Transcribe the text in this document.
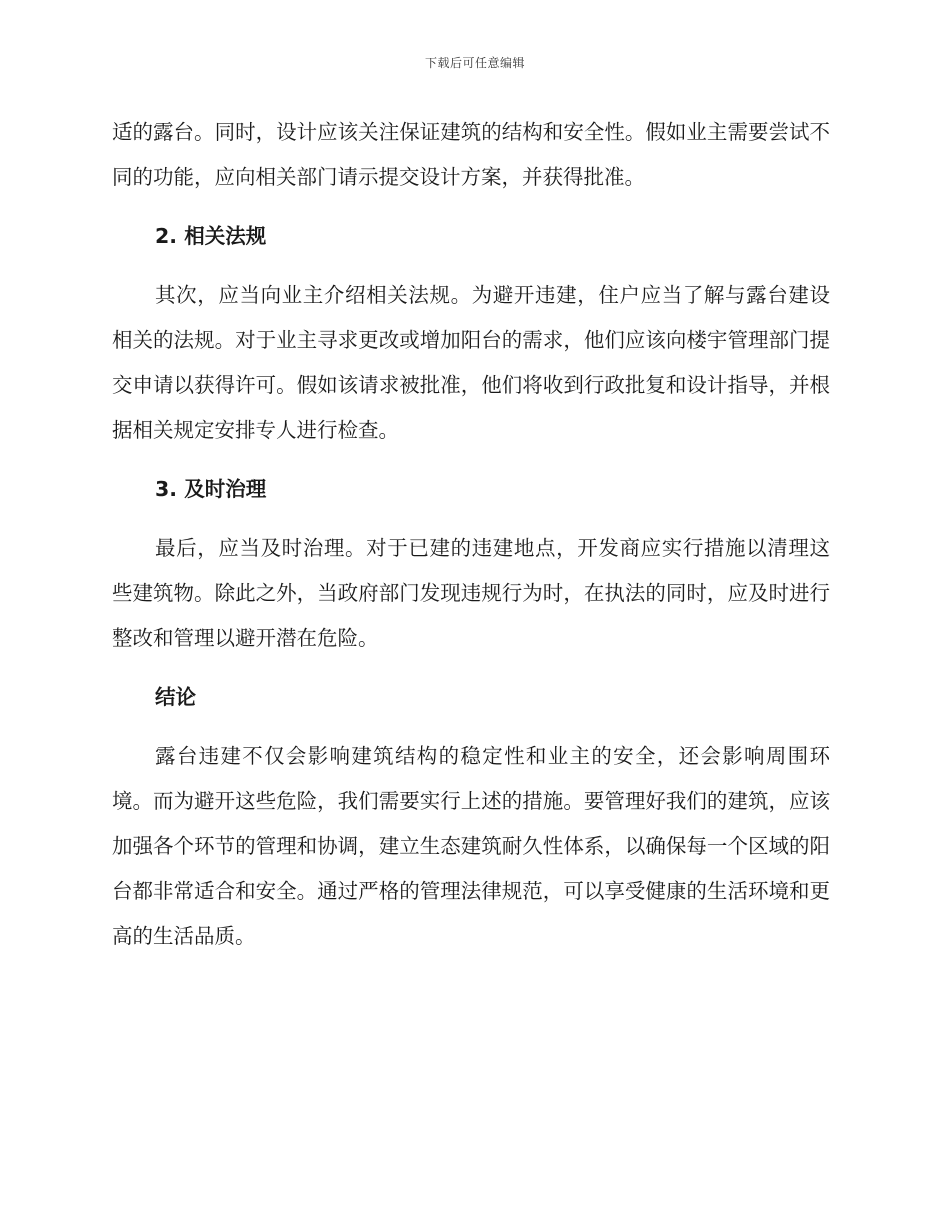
下载后可任意编辑

适的露台。同时，设计应该关注保证建筑的结构和安全性。假如业主需要尝试不同的功能，应向相关部门请示提交设计方案，并获得批准。

2. 相关法规

其次，应当向业主介绍相关法规。为避开违建，住户应当了解与露台建设相关的法规。对于业主寻求更改或增加阳台的需求，他们应该向楼宇管理部门提交申请以获得许可。假如该请求被批准，他们将收到行政批复和设计指导，并根据相关规定安排专人进行检查。

3. 及时治理

最后，应当及时治理。对于已建的违建地点，开发商应实行措施以清理这些建筑物。除此之外，当政府部门发现违规行为时，在执法的同时，应及时进行整改和管理以避开潜在危险。

结论

露台违建不仅会影响建筑结构的稳定性和业主的安全，还会影响周围环境。而为避开这些危险，我们需要实行上述的措施。要管理好我们的建筑，应该加强各个环节的管理和协调，建立生态建筑耐久性体系，以确保每一个区域的阳台都非常适合和安全。通过严格的管理法律规范，可以享受健康的生活环境和更高的生活品质。
